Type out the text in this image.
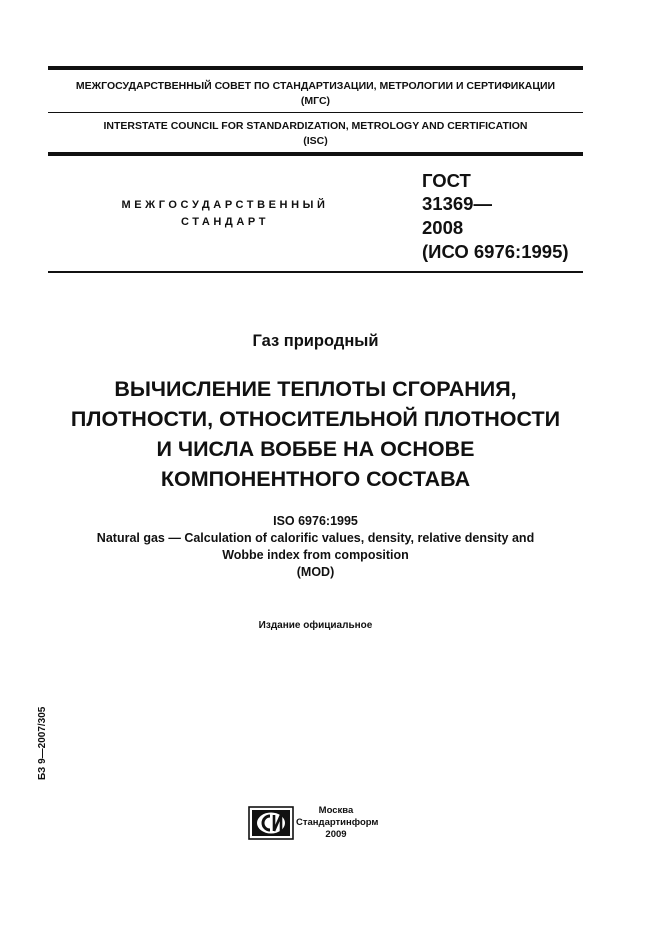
МЕЖГОСУДАРСТВЕННЫЙ СОВЕТ ПО СТАНДАРТИЗАЦИИ, МЕТРОЛОГИИ И СЕРТИФИКАЦИИ
(МГС)
INTERSTATE COUNCIL FOR STANDARDIZATION, METROLOGY AND CERTIFICATION
(ISC)
МЕЖГОСУДАРСТВЕННЫЙ
СТАНДАРТ
ГОСТ
31369—
2008
(ИСО 6976:1995)
Газ природный
ВЫЧИСЛЕНИЕ ТЕПЛОТЫ СГОРАНИЯ,
ПЛОТНОСТИ, ОТНОСИТЕЛЬНОЙ ПЛОТНОСТИ
И ЧИСЛА ВОББЕ НА ОСНОВЕ
КОМПОНЕНТНОГО СОСТАВА
ISO 6976:1995
Natural gas — Calculation of calorific values, density, relative density and
Wobbe index from composition
(MOD)
Издание официальное
БЗ 9—2007/305
Москва
Стандартинформ
2009
